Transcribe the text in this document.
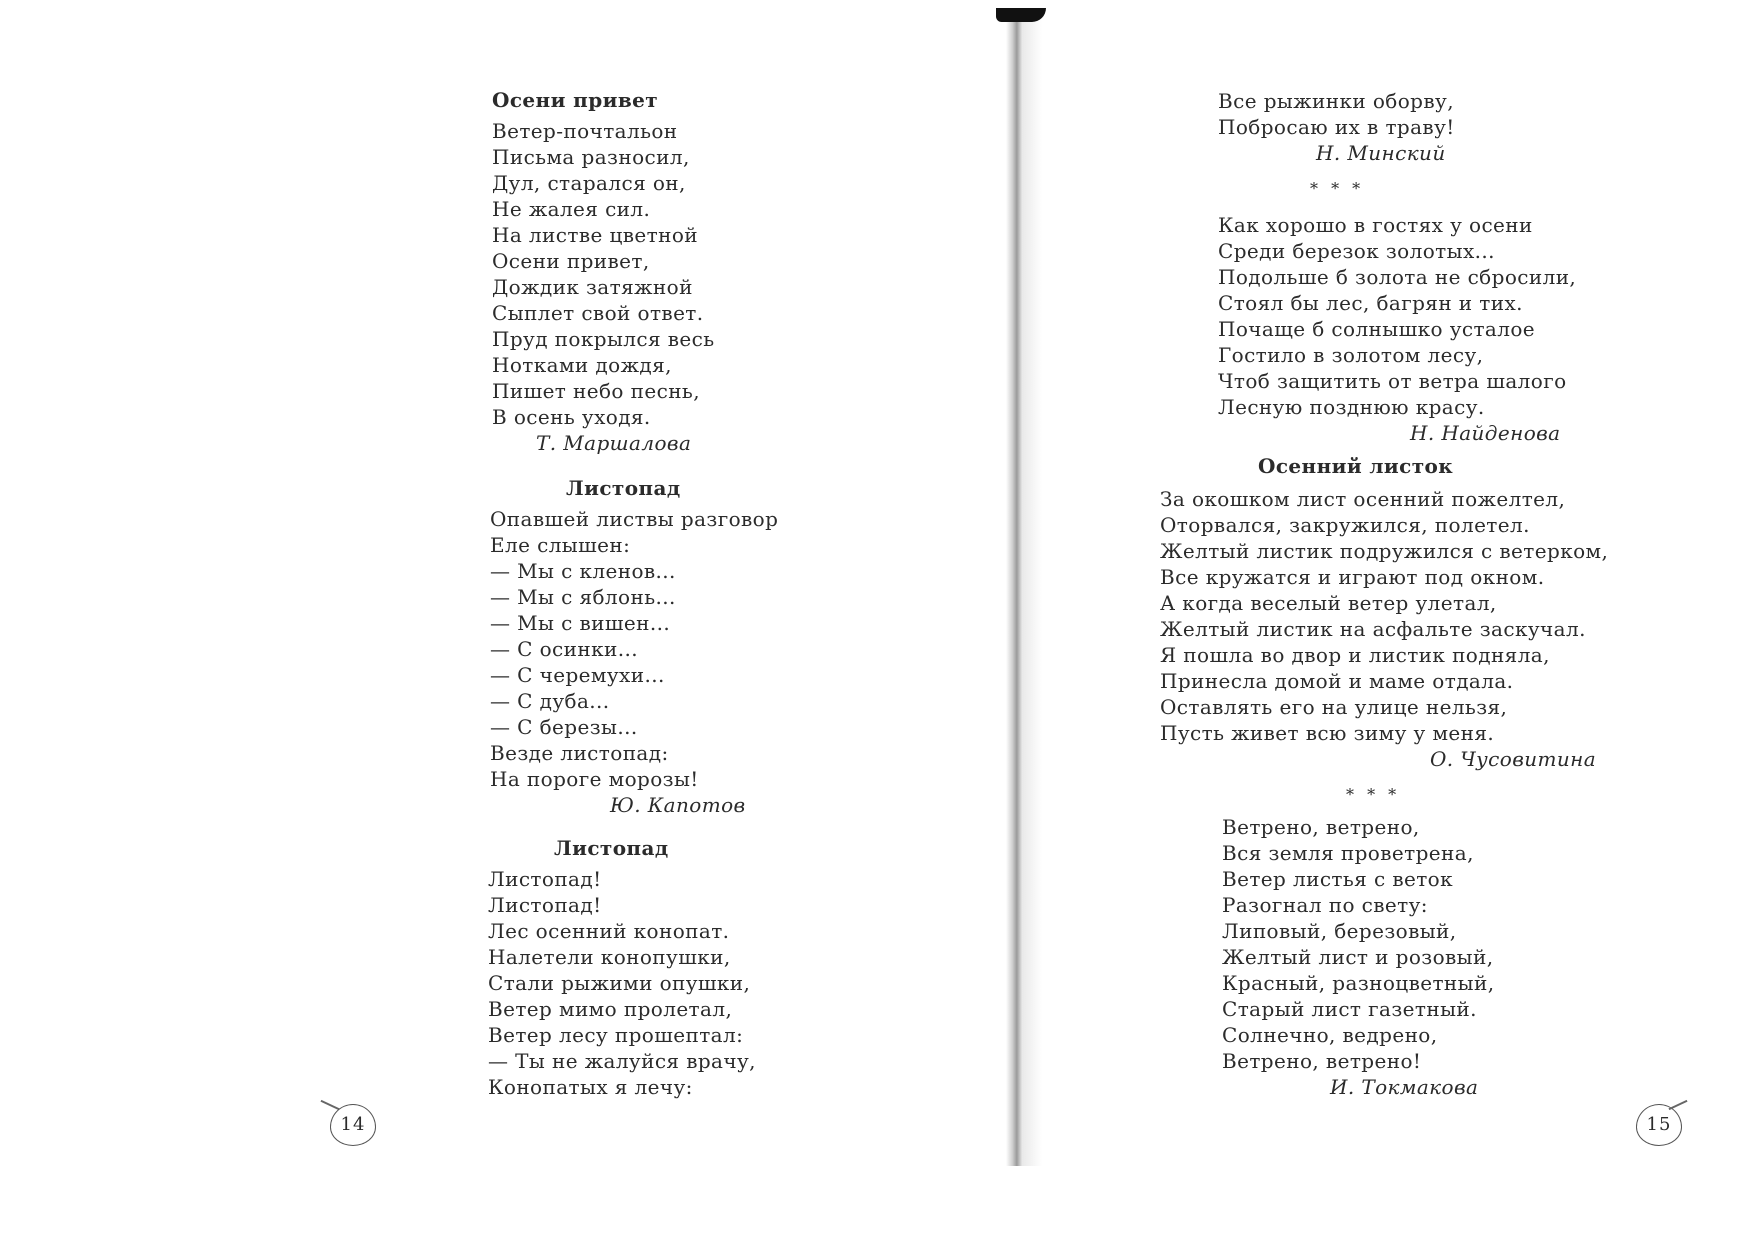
Осени привет
Ветер-почтальон
Письма разносил,
Дул, старался он,
Не жалея сил.
На листве цветной
Осени привет,
Дождик затяжной
Сыплет свой ответ.
Пруд покрылся весь
Нотками дождя,
Пишет небо песнь,
В осень уходя.
Т. Маршалова
Листопад
Опавшей листвы разговор
Еле слышен:
— Мы с кленов...
— Мы с яблонь...
— Мы с вишен...
— С осинки...
— С черемухи...
— С дуба...
— С березы...
Везде листопад:
На пороге морозы!
Ю. Капотов
Листопад
Листопад!
Листопад!
Лес осенний конопат.
Налетели конопушки,
Стали рыжими опушки,
Ветер мимо пролетал,
Ветер лесу прошептал:
— Ты не жалуйся врачу,
Конопатых я лечу:
14
Все рыжинки оборву,
Побросаю их в траву!
Н. Минский
* * *
Как хорошо в гостях у осени
Среди березок золотых...
Подольше б золота не сбросили,
Стоял бы лес, багрян и тих.
Почаще б солнышко усталое
Гостило в золотом лесу,
Чтоб защитить от ветра шалого
Лесную позднюю красу.
Н. Найденова
Осенний листок
За окошком лист осенний пожелтел,
Оторвался, закружился, полетел.
Желтый листик подружился с ветерком,
Все кружатся и играют под окном.
А когда веселый ветер улетал,
Желтый листик на асфальте заскучал.
Я пошла во двор и листик подняла,
Принесла домой и маме отдала.
Оставлять его на улице нельзя,
Пусть живет всю зиму у меня.
О. Чусовитина
* * *
Ветрено, ветрено,
Вся земля проветрена,
Ветер листья с веток
Разогнал по свету:
Липовый, березовый,
Желтый лист и розовый,
Красный, разноцветный,
Старый лист газетный.
Солнечно, ведрено,
Ветрено, ветрено!
И. Токмакова
15
